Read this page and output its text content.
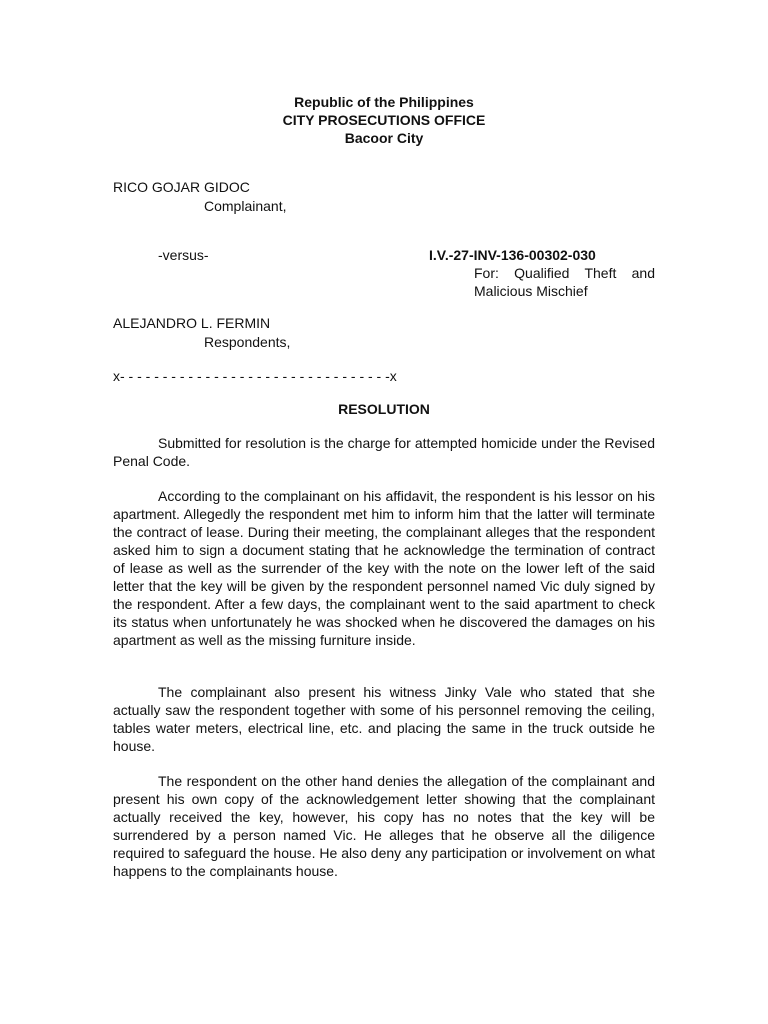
Republic of the Philippines
CITY PROSECUTIONS OFFICE
Bacoor City
RICO GOJAR GIDOC
Complainant,
-versus-	I.V.-27-INV-136-00302-030
For: Qualified Theft and Malicious Mischief
ALEJANDRO L. FERMIN
Respondents,
x- - - - - - - - - - - - - - - - - - - - - - - - - - - - - - - -x
RESOLUTION
Submitted for resolution is the charge for attempted homicide under the Revised Penal Code.
According to the complainant on his affidavit, the respondent is his lessor on his apartment. Allegedly the respondent met him to inform him that the latter will terminate the contract of lease. During their meeting, the complainant alleges that the respondent asked him to sign a document stating that he acknowledge the termination of contract of lease as well as the surrender of the key with the note on the lower left of the said letter that the key will be given by the respondent personnel named Vic duly signed by the respondent. After a few days, the complainant went to the said apartment to check its status when unfortunately he was shocked when he discovered the damages on his apartment as well as the missing furniture inside.
The complainant also present his witness Jinky Vale who stated that she actually saw the respondent together with some of his personnel removing the ceiling, tables water meters, electrical line, etc. and placing the same in the truck outside he house.
The respondent on the other hand denies the allegation of the complainant and present his own copy of the acknowledgement letter showing that the complainant actually received the key, however, his copy has no notes that the key will be surrendered by a person named Vic. He alleges that he observe all the diligence required to safeguard the house. He also deny any participation or involvement on what happens to the complainants house.
